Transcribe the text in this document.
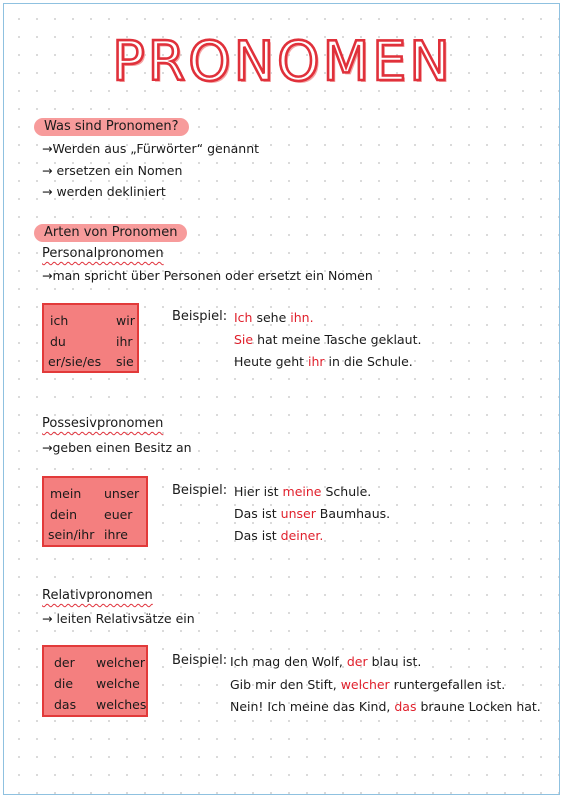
PRONOMEN
Was sind Pronomen?
→Werden aus „Fürwörter“ genannt
→ ersetzen ein Nomen
→ werden dekliniert
Arten von Pronomen
Personalpronomen
→man spricht über Personen oder ersetzt ein Nomen
ich	wir
du	ihr
er/sie/es sie
Beispiel: Ich sehe ihn.
Sie hat meine Tasche geklaut.
Heute geht ihr in die Schule.
Possesivpronomen
→geben einen Besitz an
mein unser
dein euer
sein/ihr ihre
Beispiel: Hier ist meine Schule.
Das ist unser Baumhaus.
Das ist deiner.
Relativpronomen
→ leiten Relativsätze ein
der welcher
die welche
das welches
Beispiel: Ich mag den Wolf, der blau ist.
Gib mir den Stift, welcher runtergefallen ist.
Nein! Ich meine das Kind, das braune Locken hat.
